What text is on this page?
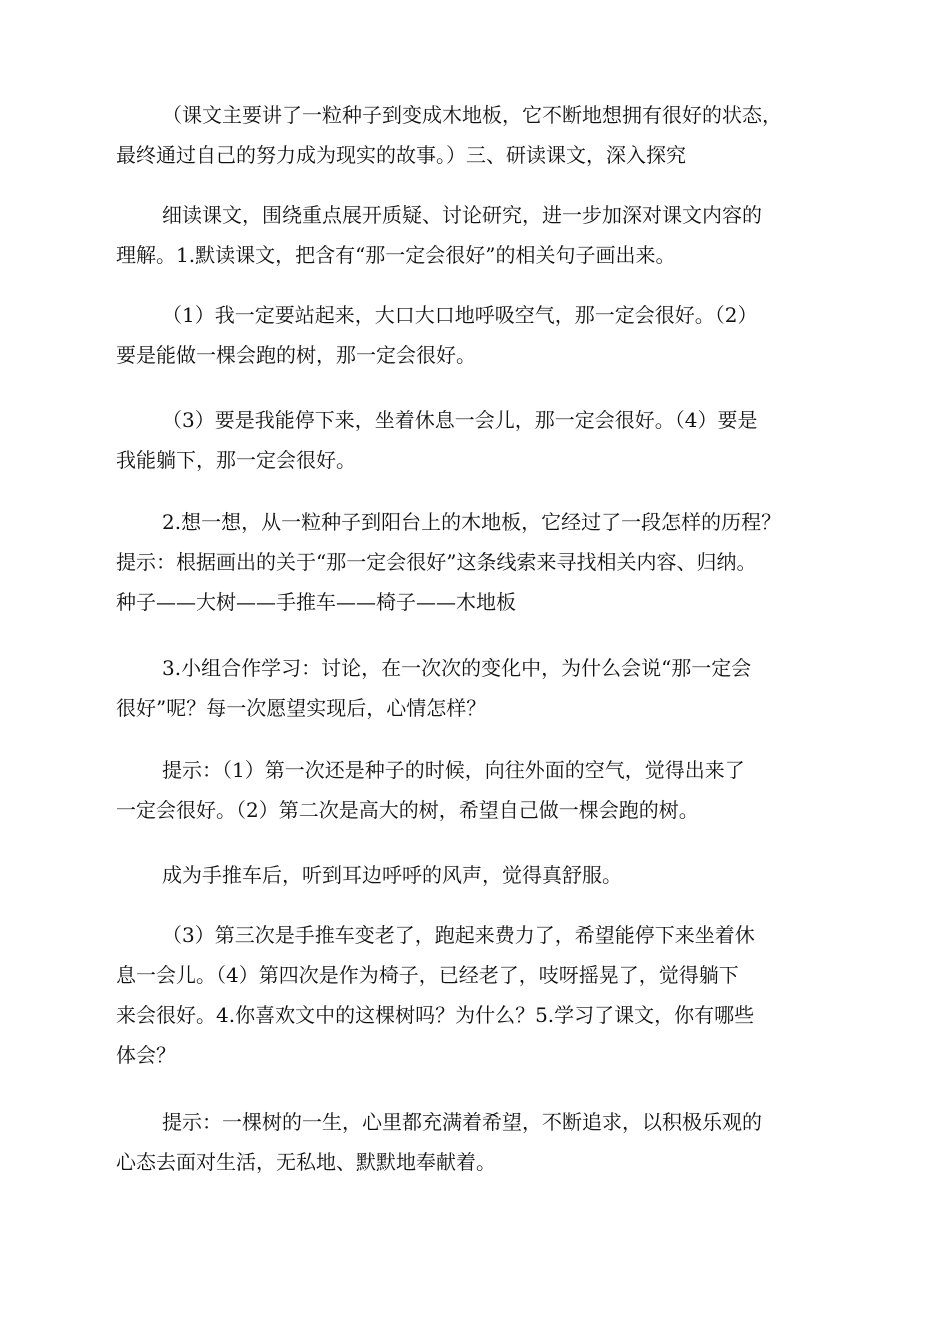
（课文主要讲了一粒种子到变成木地板，它不断地想拥有很好的状态，
最终通过自己的努力成为现实的故事。）三、研读课文，深入探究

细读课文，围绕重点展开质疑、讨论研究，进一步加深对课文内容的
理解。1.默读课文，把含有“那一定会很好”的相关句子画出来。

（1）我一定要站起来，大口大口地呼吸空气，那一定会很好。（2）
要是能做一棵会跑的树，那一定会很好。

（3）要是我能停下来，坐着休息一会儿，那一定会很好。（4）要是
我能躺下，那一定会很好。

2.想一想，从一粒种子到阳台上的木地板，它经过了一段怎样的历程？
提示：根据画出的关于“那一定会很好”这条线索来寻找相关内容、归纳。
种子——大树——手推车——椅子——木地板

3.小组合作学习：讨论，在一次次的变化中，为什么会说“那一定会
很好”呢？每一次愿望实现后，心情怎样？

提示：（1）第一次还是种子的时候，向往外面的空气，觉得出来了
一定会很好。（2）第二次是高大的树，希望自己做一棵会跑的树。

成为手推车后，听到耳边呼呼的风声，觉得真舒服。

（3）第三次是手推车变老了，跑起来费力了，希望能停下来坐着休
息一会儿。（4）第四次是作为椅子，已经老了，吱呀摇晃了，觉得躺下
来会很好。4.你喜欢文中的这棵树吗？为什么？5.学习了课文，你有哪些
体会？

提示：一棵树的一生，心里都充满着希望，不断追求，以积极乐观的
心态去面对生活，无私地、默默地奉献着。
